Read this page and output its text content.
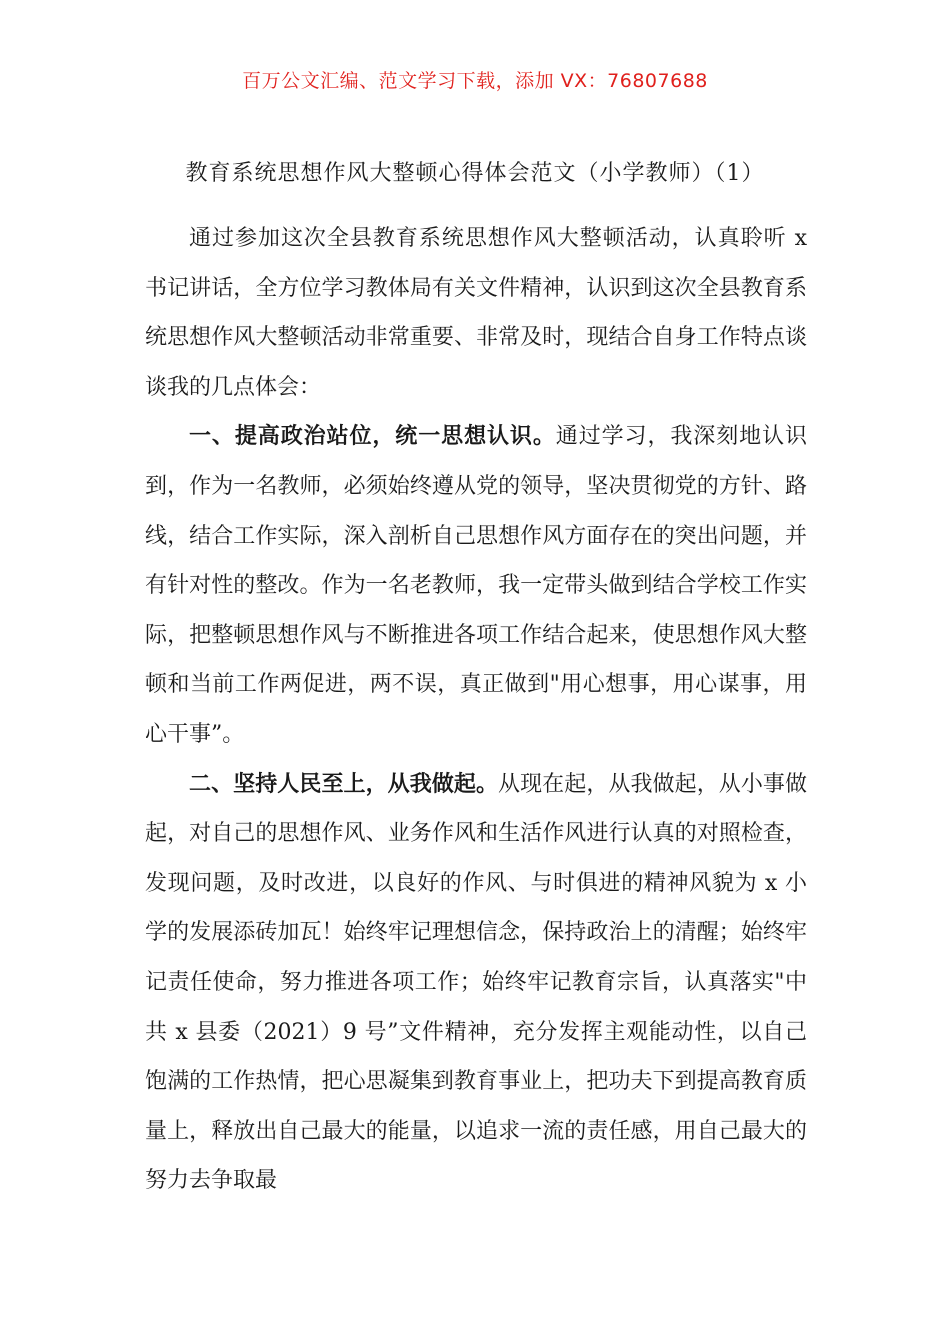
百万公文汇编、范文学习下载，添加 VX：76807688
教育系统思想作风大整顿心得体会范文（小学教师）（1）

通过参加这次全县教育系统思想作风大整顿活动，认真聆听 x 书记讲话，全方位学习教体局有关文件精神，认识到这次全县教育系统思想作风大整顿活动非常重要、非常及时，现结合自身工作特点谈谈我的几点体会：

一、提高政治站位，统一思想认识。通过学习，我深刻地认识到，作为一名教师，必须始终遵从党的领导，坚决贯彻党的方针、路线，结合工作实际，深入剖析自己思想作风方面存在的突出问题，并有针对性的整改。作为一名老教师，我一定带头做到结合学校工作实际，把整顿思想作风与不断推进各项工作结合起来，使思想作风大整顿和当前工作两促进，两不误，真正做到"用心想事，用心谋事，用心干事”。

二、坚持人民至上，从我做起。从现在起，从我做起，从小事做起，对自己的思想作风、业务作风和生活作风进行认真的对照检查，发现问题，及时改进，以良好的作风、与时俱进的精神风貌为 x 小学的发展添砖加瓦！始终牢记理想信念，保持政治上的清醒；始终牢记责任使命，努力推进各项工作；始终牢记教育宗旨，认真落实"中共 x 县委（2021）9 号”文件精神，充分发挥主观能动性，以自己饱满的工作热情，把心思凝集到教育事业上，把功夫下到提高教育质量上，释放出自己最大的能量，以追求一流的责任感，用自己最大的努力去争取最
